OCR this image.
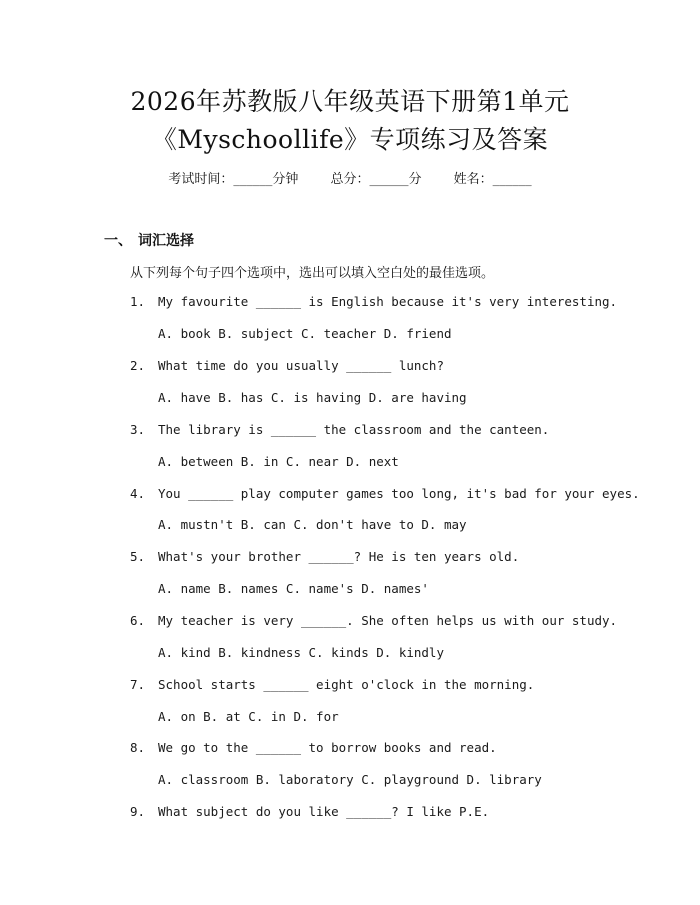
2026年苏教版八年级英语下册第1单元
《Myschoollife》专项练习及答案
考试时间：______分钟 总分：______分 姓名：______
一、 词汇选择
从下列每个句子四个选项中，选出可以填入空白处的最佳选项。
1. My favourite ______ is English because it's very interesting.
A. book B. subject C. teacher D. friend
2. What time do you usually ______ lunch?
A. have B. has C. is having D. are having
3. The library is ______ the classroom and the canteen.
A. between B. in C. near D. next
4. You ______ play computer games too long, it's bad for your eyes.
A. mustn't B. can C. don't have to D. may
5. What's your brother ______? He is ten years old.
A. name B. names C. name's D. names'
6. My teacher is very ______. She often helps us with our study.
A. kind B. kindness C. kinds D. kindly
7. School starts ______ eight o'clock in the morning.
A. on B. at C. in D. for
8. We go to the ______ to borrow books and read.
A. classroom B. laboratory C. playground D. library
9. What subject do you like ______? I like P.E.
